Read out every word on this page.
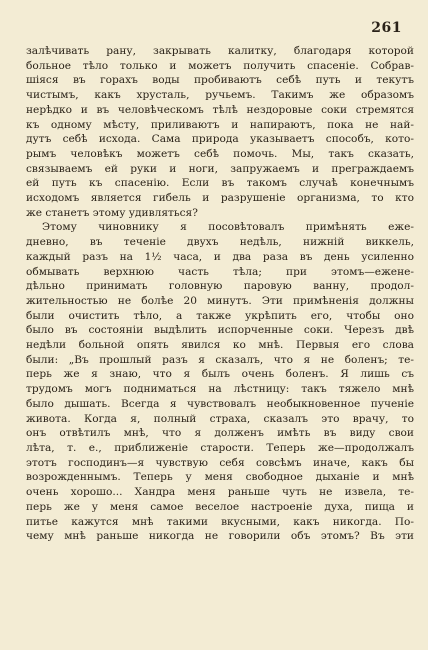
261
залѣчивать рану, закрывать калитку, благодаря которой
больное тѣло только и можетъ получить спасеніе. Собрав-
шіяся въ горахъ воды пробиваютъ себѣ путь и текутъ
чистымъ, какъ хрусталь, ручьемъ. Такимъ же образомъ
нерѣдко и въ человѣческомъ тѣлѣ нездоровые соки стремятся
къ одному мѣсту, приливаютъ и напираютъ, пока не най-
дутъ себѣ исхода. Сама природа указываетъ способъ, кото-
рымъ человѣкъ можетъ себѣ помочь. Мы, такъ сказать,
связываемъ ей руки и ноги, запружаемъ и преграждаемъ
ей путь къ спасенію. Если въ такомъ случаѣ конечнымъ
исходомъ является гибель и разрушеніе организма, то кто
же станетъ этому удивляться?
Этому чиновнику я посовѣтовалъ примѣнять еже-
дневно, въ теченіе двухъ недѣль, нижній виккель,
каждый разъ на 1½ часа, и два раза въ день усиленно
обмывать верхнюю часть тѣла; при этомъ—еженe-
дѣльно принимать головную паровую ванну, продол-
жительностью не болѣе 20 минутъ. Эти примѣненія должны
были очистить тѣло, а также укрѣпить его, чтобы оно
было въ состояніи выдѣлить испорченные соки. Черезъ двѣ
недѣли больной опять явился ко мнѣ. Первыя его слова
были: „Въ прошлый разъ я сказалъ, что я не боленъ; те-
перь же я знаю, что я былъ очень боленъ. Я лишь съ
трудомъ могъ подниматься на лѣстницу: такъ тяжело мнѣ
было дышать. Всегда я чувствовалъ необыкновенное пученіе
живота. Когда я, полный страха, сказалъ это врачу, то
онъ отвѣтилъ мнѣ, что я долженъ имѣть въ виду свои
лѣта, т. е., приближеніе старости. Теперь же—продолжалъ
этотъ господинъ—я чувствую себя совсѣмъ иначе, какъ бы
возрожденнымъ. Теперь у меня свободное дыханіе и мнѣ
очень хорошо... Хандра меня раньше чуть не извела, те-
перь же у меня самое веселое настроеніе духа, пища и
питье кажутся мнѣ такими вкусными, какъ никогда. По-
чему мнѣ раньше никогда не говорили объ этомъ? Въ эти
